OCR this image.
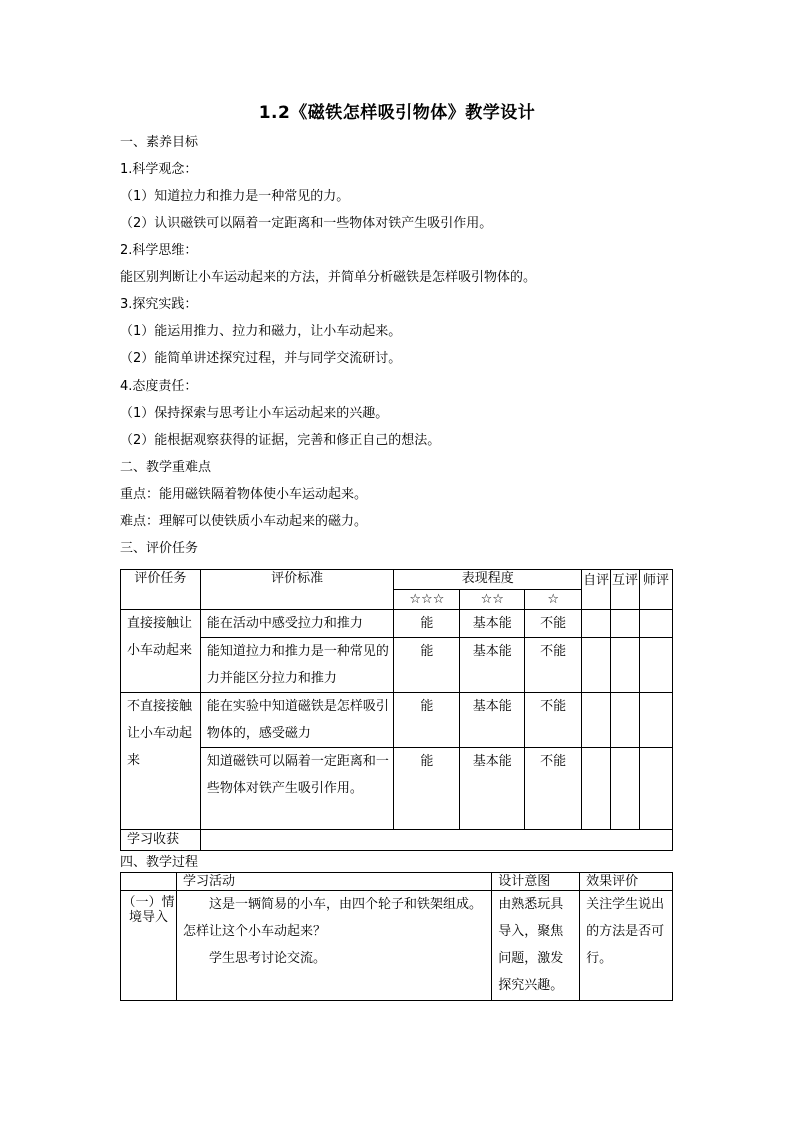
1.2《磁铁怎样吸引物体》教学设计
一、素养目标
1.科学观念：
（1）知道拉力和推力是一种常见的力。
（2）认识磁铁可以隔着一定距离和一些物体对铁产生吸引作用。
2.科学思维：
能区别判断让小车运动起来的方法，并简单分析磁铁是怎样吸引物体的。
3.探究实践：
（1）能运用推力、拉力和磁力，让小车动起来。
（2）能简单讲述探究过程，并与同学交流研讨。
4.态度责任：
（1）保持探索与思考让小车运动起来的兴趣。
（2）能根据观察获得的证据，完善和修正自己的想法。
二、教学重难点
重点：能用磁铁隔着物体使小车运动起来。
难点：理解可以使铁质小车动起来的磁力。
三、评价任务
评价任务	评价标准	表现程度			自评	互评	师评
		☆☆☆	☆☆	☆			
直接接触让小车动起来	能在活动中感受拉力和推力	能	基本能	不能			
	能知道拉力和推力是一种常见的力并能区分拉力和推力	能	基本能	不能			
不直接接触让小车动起来	能在实验中知道磁铁是怎样吸引物体的，感受磁力	能	基本能	不能			
	知道磁铁可以隔着一定距离和一些物体对铁产生吸引作用。	能	基本能	不能			
学习收获							
四、教学过程
	学习活动	设计意图	效果评价
（一）情境导入	这是一辆简易的小车，由四个轮子和铁架组成。怎样让这个小车动起来？
学生思考讨论交流。	由熟悉玩具导入，聚焦问题，激发探究兴趣。	关注学生说出的方法是否可行。
